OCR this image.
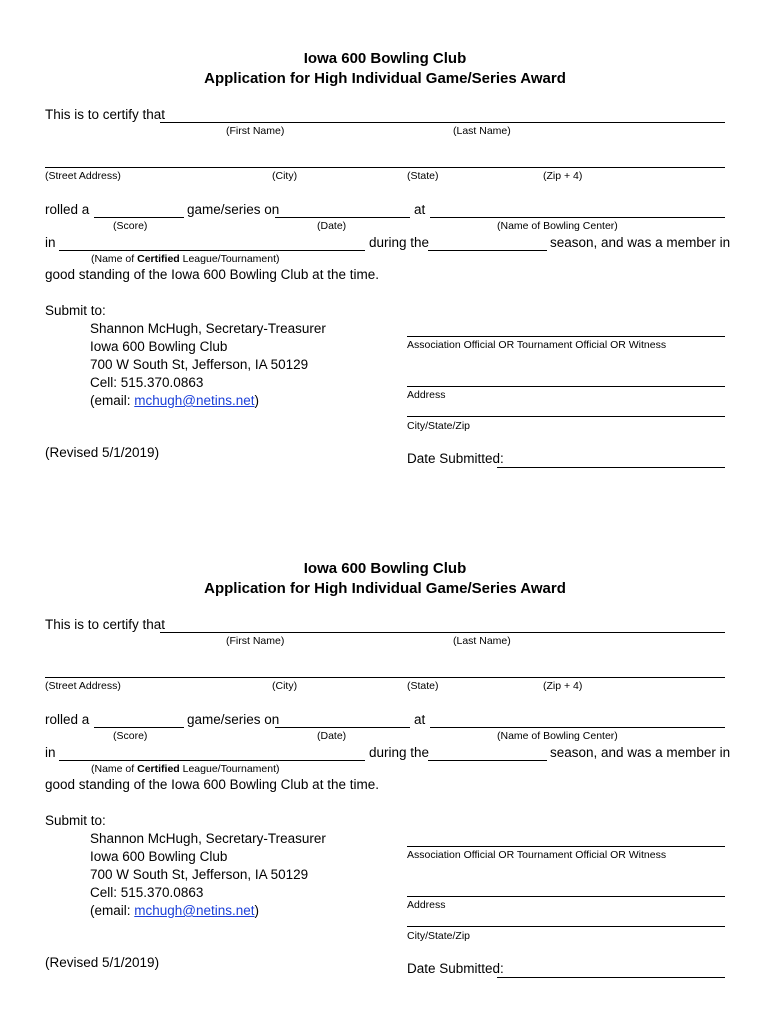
Iowa 600 Bowling Club
Application for High Individual Game/Series Award
This is to certify that
(First Name)	(Last Name)
(Street Address)	(City)	(State)	(Zip + 4)
rolled a	game/series on	at
(Score)	(Date)	(Name of Bowling Center)
in	during the	season, and was a member in
(Name of Certified League/Tournament)
good standing of the Iowa 600 Bowling Club at the time.
Submit to:
Shannon McHugh, Secretary-Treasurer
Iowa 600 Bowling Club
700 W South St, Jefferson, IA 50129
Cell: 515.370.0863
(email: mchugh@netins.net)
(Revised 5/1/2019)
Association Official OR Tournament Official OR Witness
Address
City/State/Zip
Date Submitted:
Iowa 600 Bowling Club
Application for High Individual Game/Series Award
This is to certify that
(First Name)	(Last Name)
(Street Address)	(City)	(State)	(Zip + 4)
rolled a	game/series on	at
(Score)	(Date)	(Name of Bowling Center)
in	during the	season, and was a member in
(Name of Certified League/Tournament)
good standing of the Iowa 600 Bowling Club at the time.
Submit to:
Shannon McHugh, Secretary-Treasurer
Iowa 600 Bowling Club
700 W South St, Jefferson, IA 50129
Cell: 515.370.0863
(email: mchugh@netins.net)
(Revised 5/1/2019)
Association Official OR Tournament Official OR Witness
Address
City/State/Zip
Date Submitted:
